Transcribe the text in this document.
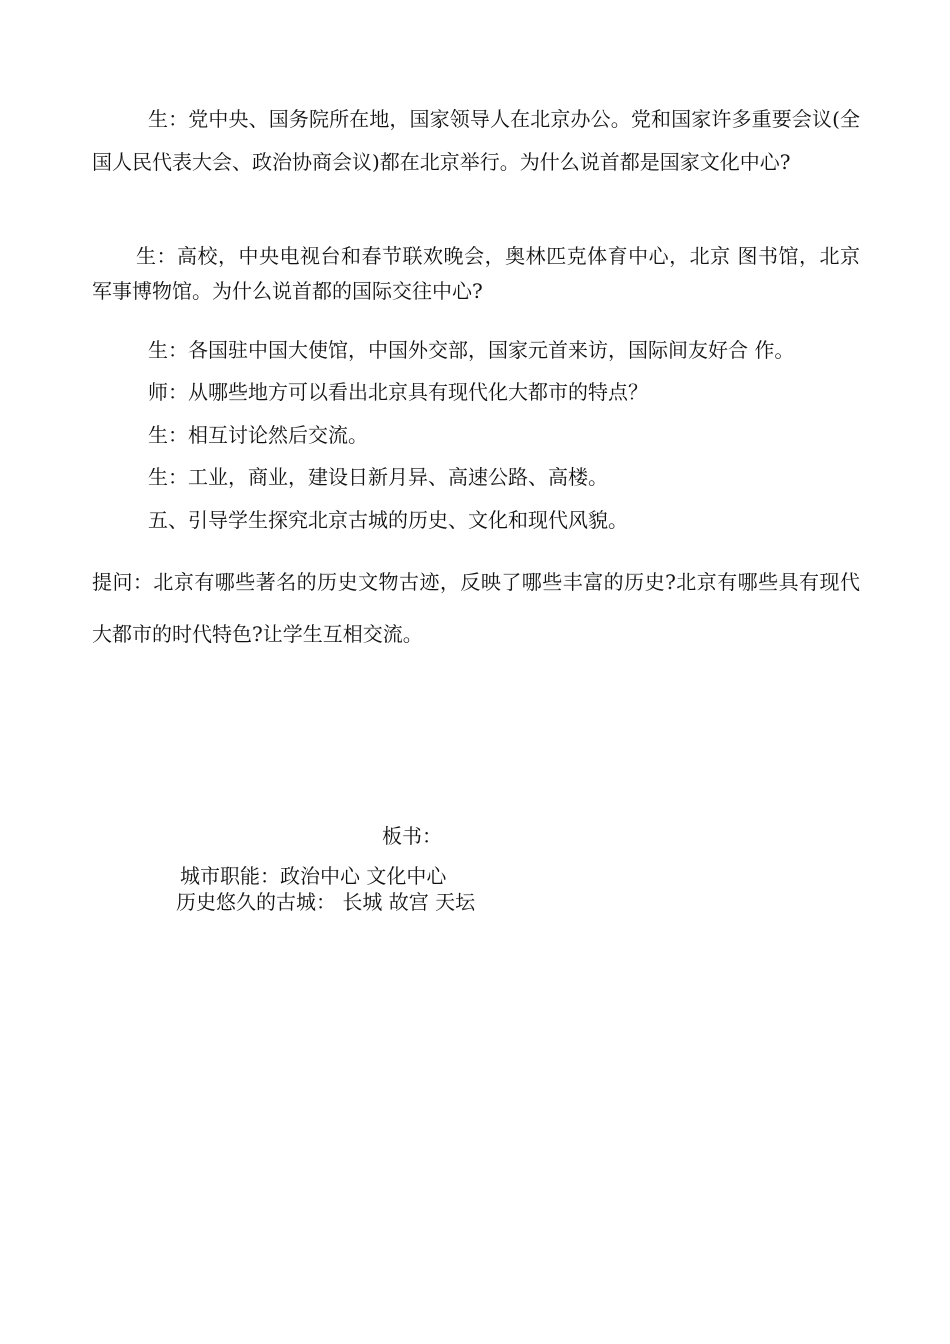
生：党中央、国务院所在地，国家领导人在北京办公。党和国家许多重要会议(全国人民代表大会、政治协商会议)都在北京举行。为什么说首都是国家文化中心?

生：高校，中央电视台和春节联欢晚会，奥林匹克体育中心，北京 图书馆，北京军事博物馆。为什么说首都的国际交往中心?

生：各国驻中国大使馆，中国外交部，国家元首来访，国际间友好合 作。

师：从哪些地方可以看出北京具有现代化大都市的特点？

生：相互讨论然后交流。

生：工业，商业，建设日新月异、高速公路、高楼。

五、引导学生探究北京古城的历史、文化和现代风貌。

提问：北京有哪些著名的历史文物古迹，反映了哪些丰富的历史?北京有哪些具有现代大都市的时代特色?让学生互相交流。

板书：

城市职能：政治中心 文化中心

历史悠久的古城： 长城 故宫 天坛
